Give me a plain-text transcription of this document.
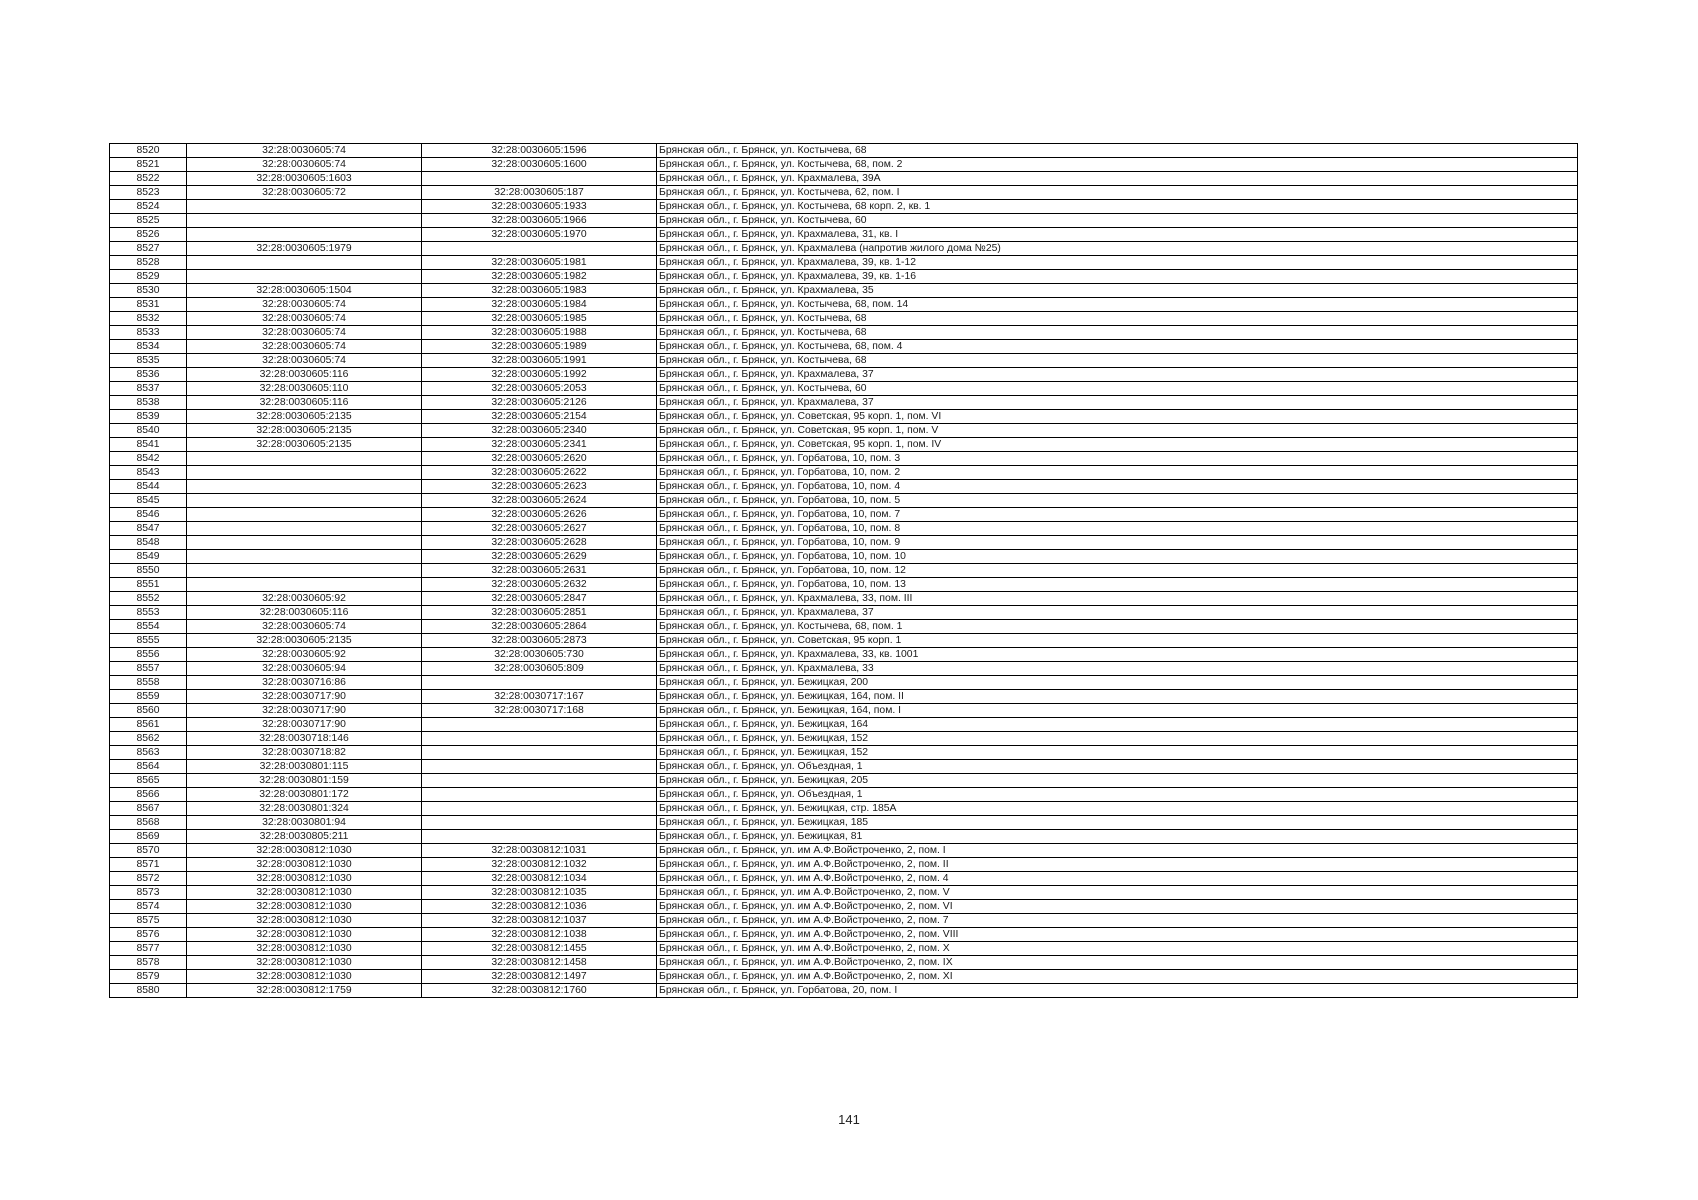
8520	32:28:0030605:74	32:28:0030605:1596	Брянская обл., г. Брянск, ул. Костычева, 68
8521	32:28:0030605:74	32:28:0030605:1600	Брянская обл., г. Брянск, ул. Костычева, 68, пом. 2
8522	32:28:0030605:1603		Брянская обл., г. Брянск, ул. Крахмалева, 39А
8523	32:28:0030605:72	32:28:0030605:187	Брянская обл., г. Брянск, ул. Костычева, 62, пом. I
8524		32:28:0030605:1933	Брянская обл., г. Брянск, ул. Костычева, 68 корп. 2, кв. 1
8525		32:28:0030605:1966	Брянская обл., г. Брянск, ул. Костычева, 60
8526		32:28:0030605:1970	Брянская обл., г. Брянск, ул. Крахмалева, 31, кв. I
8527	32:28:0030605:1979		Брянская обл., г. Брянск, ул. Крахмалева (напротив жилого дома №25)
8528		32:28:0030605:1981	Брянская обл., г. Брянск, ул. Крахмалева, 39, кв. 1-12
8529		32:28:0030605:1982	Брянская обл., г. Брянск, ул. Крахмалева, 39, кв. 1-16
8530	32:28:0030605:1504	32:28:0030605:1983	Брянская обл., г. Брянск, ул. Крахмалева, 35
8531	32:28:0030605:74	32:28:0030605:1984	Брянская обл., г. Брянск, ул. Костычева, 68, пом. 14
8532	32:28:0030605:74	32:28:0030605:1985	Брянская обл., г. Брянск, ул. Костычева, 68
8533	32:28:0030605:74	32:28:0030605:1988	Брянская обл., г. Брянск, ул. Костычева, 68
8534	32:28:0030605:74	32:28:0030605:1989	Брянская обл., г. Брянск, ул. Костычева, 68, пом. 4
8535	32:28:0030605:74	32:28:0030605:1991	Брянская обл., г. Брянск, ул. Костычева, 68
8536	32:28:0030605:116	32:28:0030605:1992	Брянская обл., г. Брянск, ул. Крахмалева, 37
8537	32:28:0030605:110	32:28:0030605:2053	Брянская обл., г. Брянск, ул. Костычева, 60
8538	32:28:0030605:116	32:28:0030605:2126	Брянская обл., г. Брянск, ул. Крахмалева, 37
8539	32:28:0030605:2135	32:28:0030605:2154	Брянская обл., г. Брянск, ул. Советская, 95 корп. 1, пом. VI
8540	32:28:0030605:2135	32:28:0030605:2340	Брянская обл., г. Брянск, ул. Советская, 95 корп. 1, пом. V
8541	32:28:0030605:2135	32:28:0030605:2341	Брянская обл., г. Брянск, ул. Советская, 95 корп. 1, пом. IV
8542		32:28:0030605:2620	Брянская обл., г. Брянск, ул. Горбатова, 10, пом. 3
8543		32:28:0030605:2622	Брянская обл., г. Брянск, ул. Горбатова, 10, пом. 2
8544		32:28:0030605:2623	Брянская обл., г. Брянск, ул. Горбатова, 10, пом. 4
8545		32:28:0030605:2624	Брянская обл., г. Брянск, ул. Горбатова, 10, пом. 5
8546		32:28:0030605:2626	Брянская обл., г. Брянск, ул. Горбатова, 10, пом. 7
8547		32:28:0030605:2627	Брянская обл., г. Брянск, ул. Горбатова, 10, пом. 8
8548		32:28:0030605:2628	Брянская обл., г. Брянск, ул. Горбатова, 10, пом. 9
8549		32:28:0030605:2629	Брянская обл., г. Брянск, ул. Горбатова, 10, пом. 10
8550		32:28:0030605:2631	Брянская обл., г. Брянск, ул. Горбатова, 10, пом. 12
8551		32:28:0030605:2632	Брянская обл., г. Брянск, ул. Горбатова, 10, пом. 13
8552	32:28:0030605:92	32:28:0030605:2847	Брянская обл., г. Брянск, ул. Крахмалева, 33, пом. III
8553	32:28:0030605:116	32:28:0030605:2851	Брянская обл., г. Брянск, ул. Крахмалева, 37
8554	32:28:0030605:74	32:28:0030605:2864	Брянская обл., г. Брянск, ул. Костычева, 68, пом. 1
8555	32:28:0030605:2135	32:28:0030605:2873	Брянская обл., г. Брянск, ул. Советская, 95 корп. 1
8556	32:28:0030605:92	32:28:0030605:730	Брянская обл., г. Брянск, ул. Крахмалева, 33, кв. 1001
8557	32:28:0030605:94	32:28:0030605:809	Брянская обл., г. Брянск, ул. Крахмалева, 33
8558	32:28:0030716:86		Брянская обл., г. Брянск, ул. Бежицкая, 200
8559	32:28:0030717:90	32:28:0030717:167	Брянская обл., г. Брянск, ул. Бежицкая, 164, пом. II
8560	32:28:0030717:90	32:28:0030717:168	Брянская обл., г. Брянск, ул. Бежицкая, 164, пом. I
8561	32:28:0030717:90		Брянская обл., г. Брянск, ул. Бежицкая, 164
8562	32:28:0030718:146		Брянская обл., г. Брянск, ул. Бежицкая, 152
8563	32:28:0030718:82		Брянская обл., г. Брянск, ул. Бежицкая, 152
8564	32:28:0030801:115		Брянская обл., г. Брянск, ул. Объездная, 1
8565	32:28:0030801:159		Брянская обл., г. Брянск, ул. Бежицкая, 205
8566	32:28:0030801:172		Брянская обл., г. Брянск, ул. Объездная, 1
8567	32:28:0030801:324		Брянская обл., г. Брянск, ул. Бежицкая, стр. 185А
8568	32:28:0030801:94		Брянская обл., г. Брянск, ул. Бежицкая, 185
8569	32:28:0030805:211		Брянская обл., г. Брянск, ул. Бежицкая, 81
8570	32:28:0030812:1030	32:28:0030812:1031	Брянская обл., г. Брянск, ул. им А.Ф.Войстроченко, 2, пом. I
8571	32:28:0030812:1030	32:28:0030812:1032	Брянская обл., г. Брянск, ул. им А.Ф.Войстроченко, 2, пом. II
8572	32:28:0030812:1030	32:28:0030812:1034	Брянская обл., г. Брянск, ул. им А.Ф.Войстроченко, 2, пом. 4
8573	32:28:0030812:1030	32:28:0030812:1035	Брянская обл., г. Брянск, ул. им А.Ф.Войстроченко, 2, пом. V
8574	32:28:0030812:1030	32:28:0030812:1036	Брянская обл., г. Брянск, ул. им А.Ф.Войстроченко, 2, пом. VI
8575	32:28:0030812:1030	32:28:0030812:1037	Брянская обл., г. Брянск, ул. им А.Ф.Войстроченко, 2, пом. 7
8576	32:28:0030812:1030	32:28:0030812:1038	Брянская обл., г. Брянск, ул. им А.Ф.Войстроченко, 2, пом. VIII
8577	32:28:0030812:1030	32:28:0030812:1455	Брянская обл., г. Брянск, ул. им А.Ф.Войстроченко, 2, пом. X
8578	32:28:0030812:1030	32:28:0030812:1458	Брянская обл., г. Брянск, ул. им А.Ф.Войстроченко, 2, пом. IX
8579	32:28:0030812:1030	32:28:0030812:1497	Брянская обл., г. Брянск, ул. им А.Ф.Войстроченко, 2, пом. XI
8580	32:28:0030812:1759	32:28:0030812:1760	Брянская обл., г. Брянск, ул. Горбатова, 20, пом. I
141
